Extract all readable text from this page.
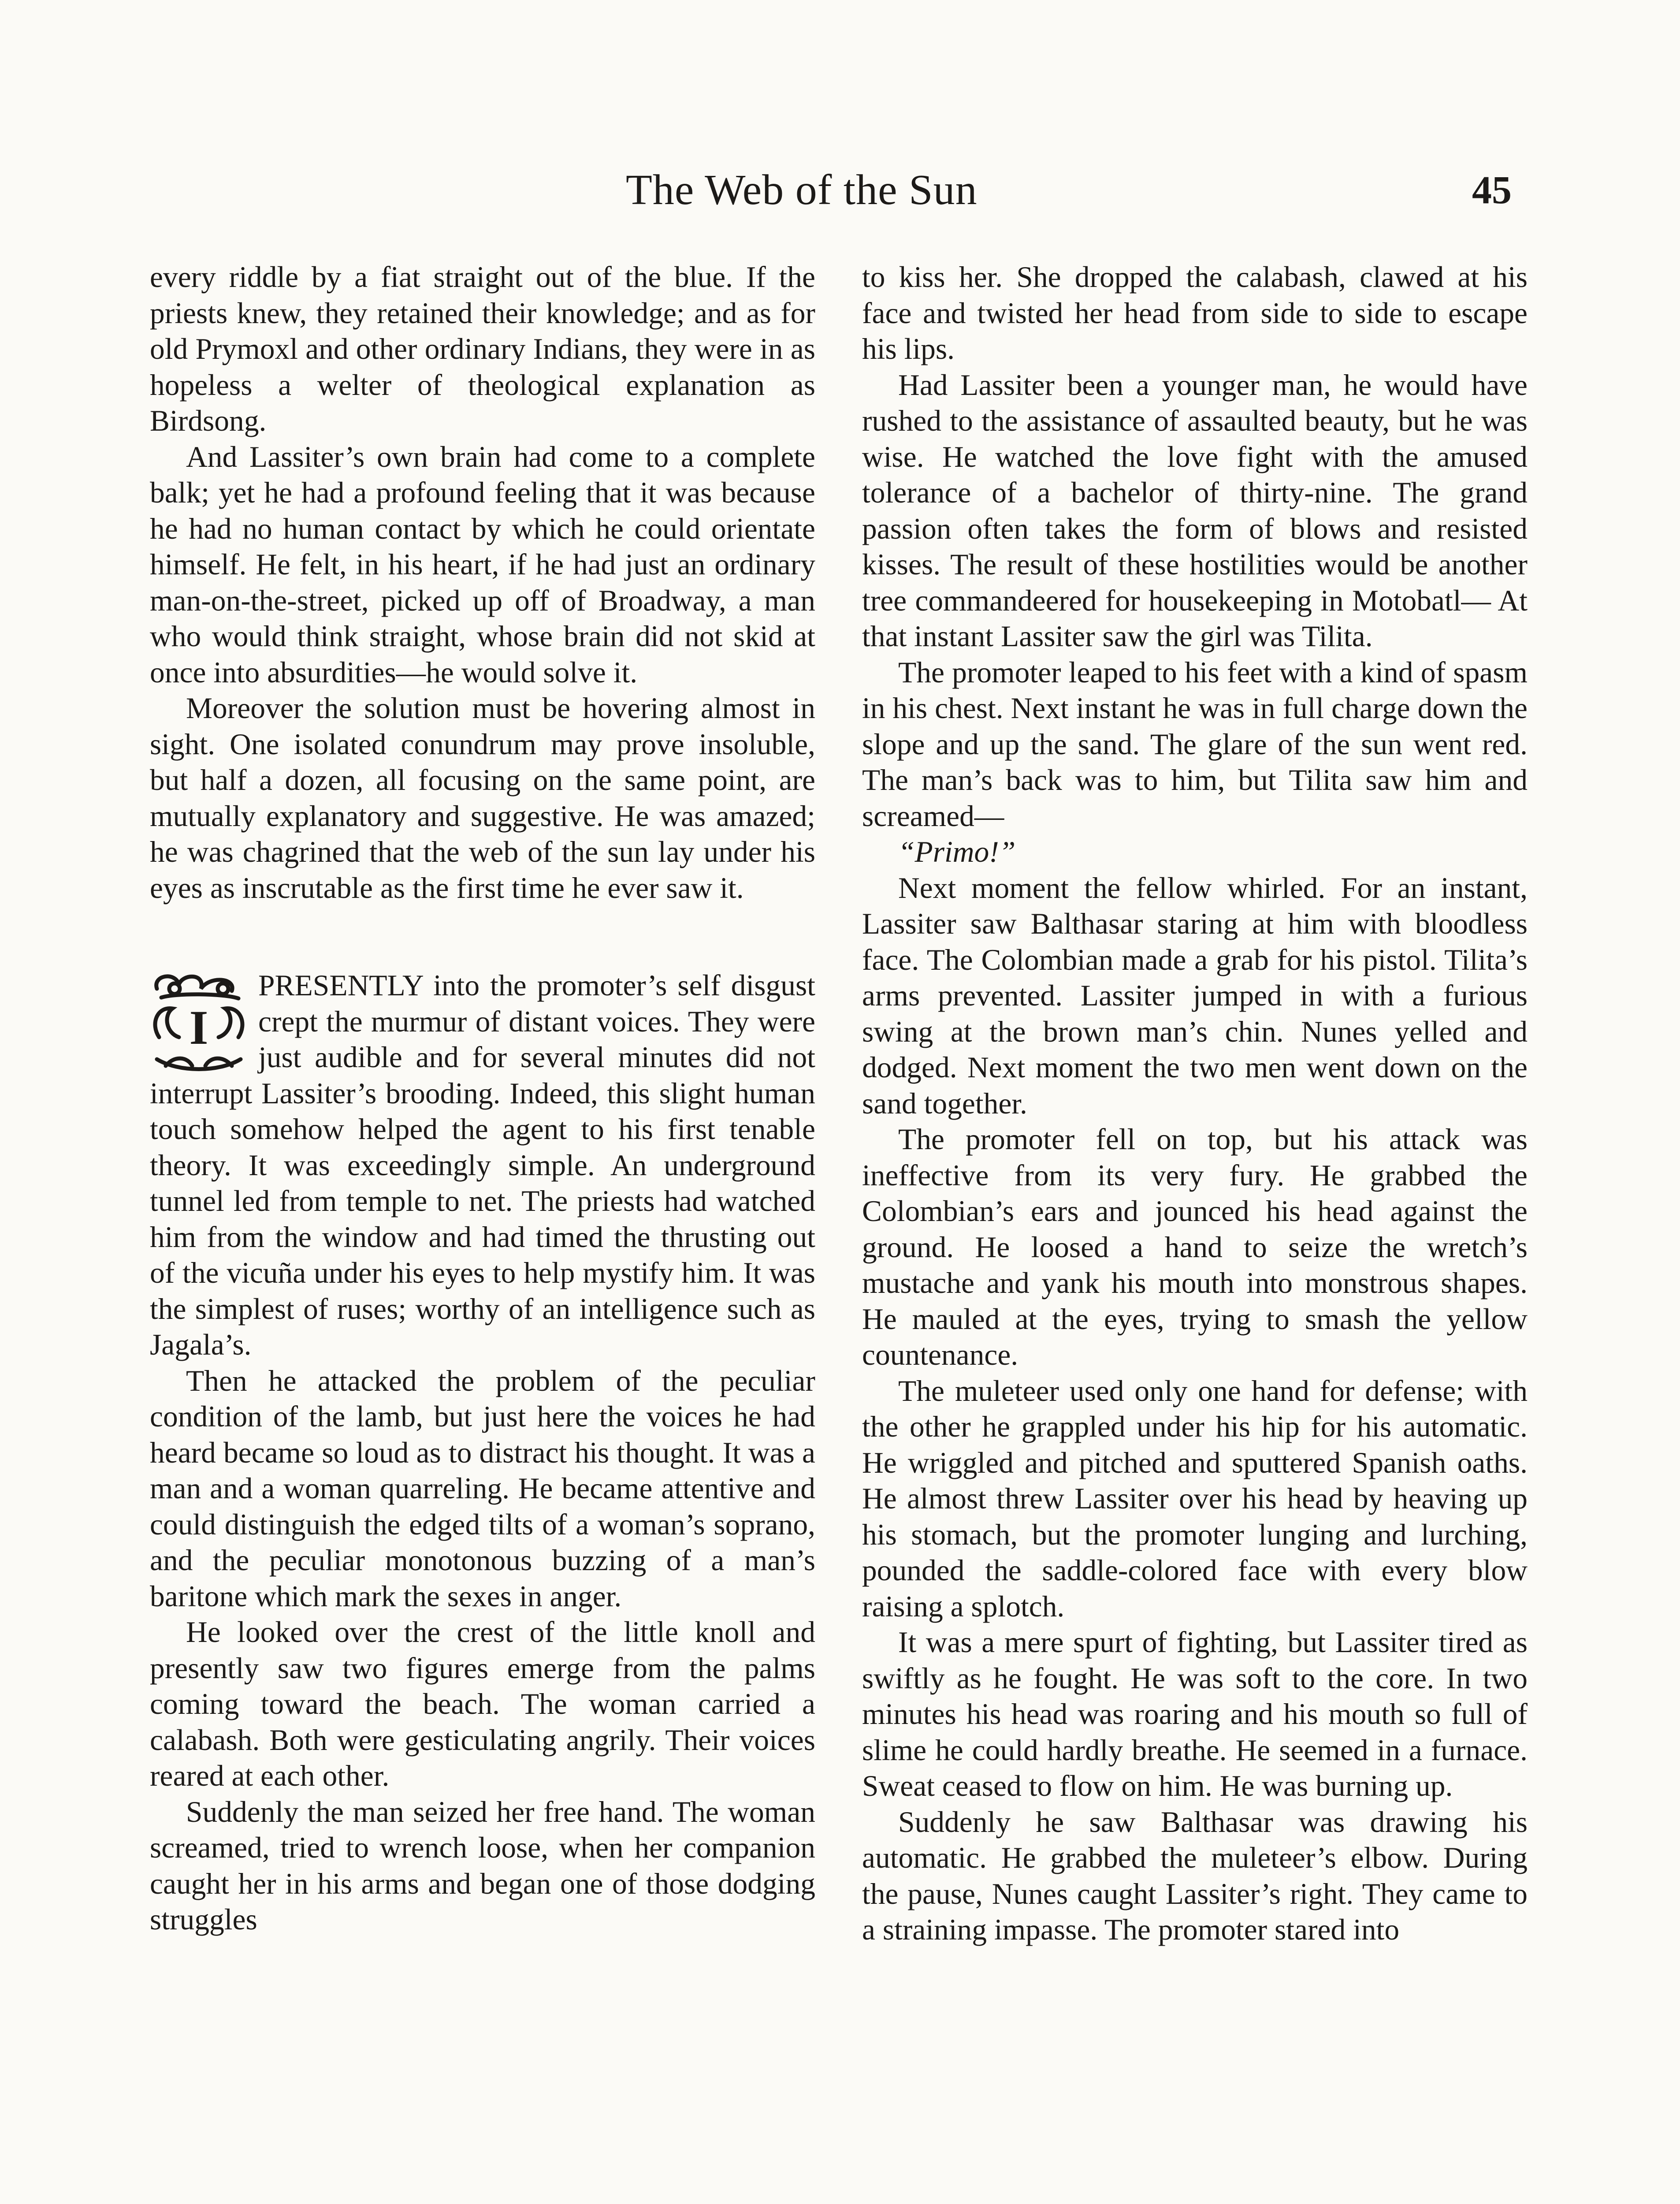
The Web of the Sun	45

every riddle by a fiat straight out of the blue. If the priests knew, they retained their knowledge; and as for old Prymoxl and other ordinary Indians, they were in as hopeless a welter of theological explanation as Birdsong.

And Lassiter’s own brain had come to a complete balk; yet he had a profound feeling that it was because he had no human contact by which he could orientate himself. He felt, in his heart, if he had just an ordinary man-on-the-street, picked up off of Broadway, a man who would think straight, whose brain did not skid at once into absurdities—he would solve it.

Moreover the solution must be hovering almost in sight. One isolated conundrum may prove insoluble, but half a dozen, all focusing on the same point, are mutually explanatory and suggestive. He was amazed; he was chagrined that the web of the sun lay under his eyes as inscrutable as the first time he ever saw it.

I
PRESENTLY into the promoter’s self disgust crept the murmur of distant voices. They were just audible and for several minutes did not interrupt Lassiter’s brooding. Indeed, this slight human touch somehow helped the agent to his first tenable theory. It was exceedingly simple. An underground tunnel led from temple to net. The priests had watched him from the window and had timed the thrusting out of the vicuña under his eyes to help mystify him. It was the simplest of ruses; worthy of an intelligence such as Jagala’s.

Then he attacked the problem of the peculiar condition of the lamb, but just here the voices he had heard became so loud as to distract his thought. It was a man and a woman quarreling. He became attentive and could distinguish the edged tilts of a woman’s soprano, and the peculiar monotonous buzzing of a man’s baritone which mark the sexes in anger.

He looked over the crest of the little knoll and presently saw two figures emerge from the palms coming toward the beach. The woman carried a calabash. Both were gesticulating angrily. Their voices reared at each other.

Suddenly the man seized her free hand. The woman screamed, tried to wrench loose, when her companion caught her in his arms and began one of those dodging struggles

to kiss her. She dropped the calabash, clawed at his face and twisted her head from side to side to escape his lips.

Had Lassiter been a younger man, he would have rushed to the assistance of assaulted beauty, but he was wise. He watched the love fight with the amused tolerance of a bachelor of thirty-nine. The grand passion often takes the form of blows and resisted kisses. The result of these hostilities would be another tree commandeered for housekeeping in Motobatl— At that instant Lassiter saw the girl was Tilita.

The promoter leaped to his feet with a kind of spasm in his chest. Next instant he was in full charge down the slope and up the sand. The glare of the sun went red. The man’s back was to him, but Tilita saw him and screamed—

“Primo!”

Next moment the fellow whirled. For an instant, Lassiter saw Balthasar staring at him with bloodless face. The Colombian made a grab for his pistol. Tilita’s arms prevented. Lassiter jumped in with a furious swing at the brown man’s chin. Nunes yelled and dodged. Next moment the two men went down on the sand together.

The promoter fell on top, but his attack was ineffective from its very fury. He grabbed the Colombian’s ears and jounced his head against the ground. He loosed a hand to seize the wretch’s mustache and yank his mouth into monstrous shapes. He mauled at the eyes, trying to smash the yellow countenance.

The muleteer used only one hand for defense; with the other he grappled under his hip for his automatic. He wriggled and pitched and sputtered Spanish oaths. He almost threw Lassiter over his head by heaving up his stomach, but the promoter lunging and lurching, pounded the saddle-colored face with every blow raising a splotch.

It was a mere spurt of fighting, but Lassiter tired as swiftly as he fought. He was soft to the core. In two minutes his head was roaring and his mouth so full of slime he could hardly breathe. He seemed in a furnace. Sweat ceased to flow on him. He was burning up.

Suddenly he saw Balthasar was drawing his automatic. He grabbed the muleteer’s elbow. During the pause, Nunes caught Lassiter’s right. They came to a straining impasse. The promoter stared into
